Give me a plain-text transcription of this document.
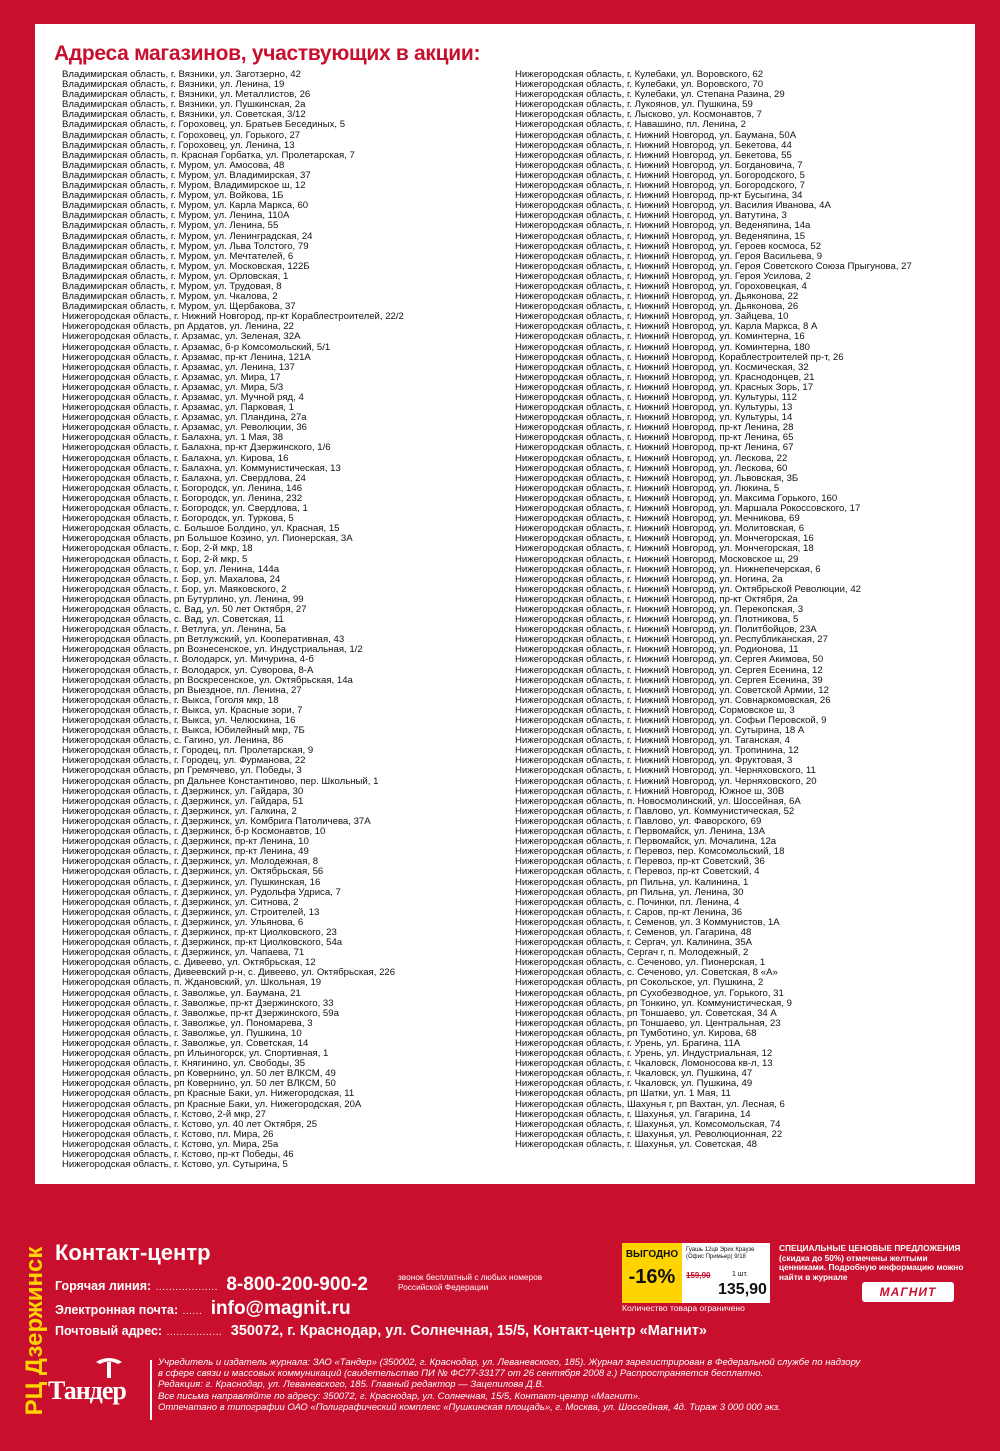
Адреса магазинов, участвующих в акции:
Владимирская область, г. Вязники, ул. Заготзерно, 42
Владимирская область, г. Вязники, ул. Ленина, 19
Владимирская область, г. Вязники, ул. Металлистов, 26
Владимирская область, г. Вязники, ул. Пушкинская, 2а
Владимирская область, г. Вязники, ул. Советская, 3/12
Владимирская область, г. Гороховец, ул. Братьев Бесединых, 5
Владимирская область, г. Гороховец, ул. Горького, 27
Владимирская область, г. Гороховец, ул. Ленина, 13
Владимирская область, п. Красная Горбатка, ул. Пролетарская, 7
Владимирская область, г. Муром, ул. Амосова, 48
Владимирская область, г. Муром, ул. Владимирская, 37
Владимирская область, г. Муром, Владимирское ш, 12
Владимирская область, г. Муром, ул. Войкова, 1Б
Владимирская область, г. Муром, ул. Карла Маркса, 60
Владимирская область, г. Муром, ул. Ленина, 110А
Владимирская область, г. Муром, ул. Ленина, 55
Владимирская область, г. Муром, ул. Ленинградская, 24
Владимирская область, г. Муром, ул. Льва Толстого, 79
Владимирская область, г. Муром, ул. Мечтателей, 6
Владимирская область, г. Муром, ул. Московская, 122Б
Владимирская область, г. Муром, ул. Орловская, 1
Владимирская область, г. Муром, ул. Трудовая, 8
Владимирская область, г. Муром, ул. Чкалова, 2
Владимирская область, г. Муром, ул. Щербакова, 37
Нижегородская область, г. Нижний Новгород, пр-кт Кораблестроителей, 22/2
Нижегородская область, рп Ардатов, ул. Ленина, 22
Нижегородская область, г. Арзамас, ул. Зеленая, 32А
Нижегородская область, г. Арзамас, б-р Комсомольский, 5/1
Нижегородская область, г. Арзамас, пр-кт Ленина, 121А
Нижегородская область, г. Арзамас, ул. Ленина, 137
Нижегородская область, г. Арзамас, ул. Мира, 17
Нижегородская область, г. Арзамас, ул. Мира, 5/3
Нижегородская область, г. Арзамас, ул. Мучной ряд, 4
Нижегородская область, г. Арзамас, ул. Парковая, 1
Нижегородская область, г. Арзамас, ул. Пландина, 27а
Нижегородская область, г. Арзамас, ул. Революции, 36
Нижегородская область, г. Балахна, ул. 1 Мая, 38
Нижегородская область, г. Балахна, пр-кт Дзержинского, 1/6
Нижегородская область, г. Балахна, ул. Кирова, 16
Нижегородская область, г. Балахна, ул. Коммунистическая, 13
Нижегородская область, г. Балахна, ул. Свердлова, 24
Нижегородская область, г. Богородск, ул. Ленина, 146
Нижегородская область, г. Богородск, ул. Ленина, 232
Нижегородская область, г. Богородск, ул. Свердлова, 1
Нижегородская область, г. Богородск, ул. Туркова, 5
Нижегородская область, с. Большое Болдино, ул. Красная, 15
Нижегородская область, рп Большое Козино, ул. Пионерская, 3А
Нижегородская область, г. Бор, 2-й мкр, 18
Нижегородская область, г. Бор, 2-й мкр, 5
Нижегородская область, г. Бор, ул. Ленина, 144а
Нижегородская область, г. Бор, ул. Махалова, 24
Нижегородская область, г. Бор, ул. Маяковского, 2
Нижегородская область, рп Бутурлино, ул. Ленина, 99
Нижегородская область, с. Вад, ул. 50 лет Октября, 27
Нижегородская область, с. Вад, ул. Советская, 11
Нижегородская область, г. Ветлуга, ул. Ленина, 5а
Нижегородская область, рп Ветлужский, ул. Кооперативная, 43
Нижегородская область, рп Вознесенское, ул. Индустриальная, 1/2
Нижегородская область, г. Володарск, ул. Мичурина, 4-б
Нижегородская область, г. Володарск, ул. Суворова, 8-А
Нижегородская область, рп Воскресенское, ул. Октябрьская, 14а
Нижегородская область, рп Выездное, пл. Ленина, 27
Нижегородская область, г. Выкса, Гоголя мкр, 18
Нижегородская область, г. Выкса, ул. Красные зори, 7
Нижегородская область, г. Выкса, ул. Челюскина, 16
Нижегородская область, г. Выкса, Юбилейный мкр, 7Б
Нижегородская область, с. Гагино, ул. Ленина, 86
Нижегородская область, г. Городец, пл. Пролетарская, 9
Нижегородская область, г. Городец, ул. Фурманова, 22
Нижегородская область, рп Гремячево, ул. Победы, 3
Нижегородская область, рп Дальнее Константиново, пер. Школьный, 1
Нижегородская область, г. Дзержинск, ул. Гайдара, 30
Нижегородская область, г. Дзержинск, ул. Гайдара, 51
Нижегородская область, г. Дзержинск, ул. Галкина, 2
Нижегородская область, г. Дзержинск, ул. Комбрига Патоличева, 37А
Нижегородская область, г. Дзержинск, б-р Космонавтов, 10
Нижегородская область, г. Дзержинск, пр-кт Ленина, 10
Нижегородская область, г. Дзержинск, пр-кт Ленина, 49
Нижегородская область, г. Дзержинск, ул. Молодежная, 8
Нижегородская область, г. Дзержинск, ул. Октябрьская, 56
Нижегородская область, г. Дзержинск, ул. Пушкинская, 16
Нижегородская область, г. Дзержинск, ул. Рудольфа Удриса, 7
Нижегородская область, г. Дзержинск, ул. Ситнова, 2
Нижегородская область, г. Дзержинск, ул. Строителей, 13
Нижегородская область, г. Дзержинск, ул. Ульянова, 6
Нижегородская область, г. Дзержинск, пр-кт Циолковского, 23
Нижегородская область, г. Дзержинск, пр-кт Циолковского, 54а
Нижегородская область, г. Дзержинск, ул. Чапаева, 71
Нижегородская область, с. Дивеево, ул. Октябрьская, 12
Нижегородская область, Дивеевский р-н, с. Дивеево, ул. Октябрьская, 226
Нижегородская область, п. Ждановский, ул. Школьная, 19
Нижегородская область, г. Заволжье, ул. Баумана, 21
Нижегородская область, г. Заволжье, пр-кт Дзержинского, 33
Нижегородская область, г. Заволжье, пр-кт Дзержинского, 59а
Нижегородская область, г. Заволжье, ул. Пономарева, 3
Нижегородская область, г. Заволжье, ул. Пушкина, 10
Нижегородская область, г. Заволжье, ул. Советская, 14
Нижегородская область, рп Ильиногорск, ул. Спортивная, 1
Нижегородская область, г. Княгинино, ул. Свободы, 35
Нижегородская область, рп Ковернино, ул. 50 лет ВЛКСМ, 49
Нижегородская область, рп Ковернино, ул. 50 лет ВЛКСМ, 50
Нижегородская область, рп Красные Баки, ул. Нижегородская, 11
Нижегородская область, рп Красные Баки, ул. Нижегородская, 20А
Нижегородская область, г. Кстово, 2-й мкр, 27
Нижегородская область, г. Кстово, ул. 40 лет Октября, 25
Нижегородская область, г. Кстово, пл. Мира, 26
Нижегородская область, г. Кстово, ул. Мира, 25а
Нижегородская область, г. Кстово, пр-кт Победы, 46
Нижегородская область, г. Кстово, ул. Сутырина, 5
Нижегородская область, г. Кулебаки, ул. Воровского, 62
Нижегородская область, г. Кулебаки, ул. Воровского, 70
Нижегородская область, г. Кулебаки, ул. Степана Разина, 29
Нижегородская область, г. Лукоянов, ул. Пушкина, 59
Нижегородская область, г. Лысково, ул. Космонавтов, 7
Нижегородская область, г. Навашино, пл. Ленина, 2
Нижегородская область, г. Нижний Новгород, ул. Баумана, 50А
Нижегородская область, г. Нижний Новгород, ул. Бекетова, 44
Нижегородская область, г. Нижний Новгород, ул. Бекетова, 55
Нижегородская область, г. Нижний Новгород, ул. Богдановича, 7
Нижегородская область, г. Нижний Новгород, ул. Богородского, 5
Нижегородская область, г. Нижний Новгород, ул. Богородского, 7
Нижегородская область, г. Нижний Новгород, пр-кт Бусыгина, 34
Нижегородская область, г. Нижний Новгород, ул. Василия Иванова, 4А
Нижегородская область, г. Нижний Новгород, ул. Ватутина, 3
Нижегородская область, г. Нижний Новгород, ул. Веденяпина, 14а
Нижегородская область, г. Нижний Новгород, ул. Веденяпина, 15
Нижегородская область, г. Нижний Новгород, ул. Героев космоса, 52
Нижегородская область, г. Нижний Новгород, ул. Героя Васильева, 9
Нижегородская область, г. Нижний Новгород, ул. Героя Советского Союза Прыгунова, 27
Нижегородская область, г. Нижний Новгород, ул. Героя Усилова, 2
Нижегородская область, г. Нижний Новгород, ул. Гороховецкая, 4
Нижегородская область, г. Нижний Новгород, ул. Дьяконова, 22
Нижегородская область, г. Нижний Новгород, ул. Дьяконова, 26
Нижегородская область, г. Нижний Новгород, ул. Зайцева, 10
Нижегородская область, г. Нижний Новгород, ул. Карла Маркса, 8 А
Нижегородская область, г. Нижний Новгород, ул. Коминтерна, 16
Нижегородская область, г. Нижний Новгород, ул. Коминтерна, 180
Нижегородская область, г. Нижний Новгород, Кораблестроителей пр-т, 26
Нижегородская область, г. Нижний Новгород, ул. Космическая, 32
Нижегородская область, г. Нижний Новгород, ул. Краснодонцев, 21
Нижегородская область, г. Нижний Новгород, ул. Красных Зорь, 17
Нижегородская область, г. Нижний Новгород, ул. Культуры, 112
Нижегородская область, г. Нижний Новгород, ул. Культуры, 13
Нижегородская область, г. Нижний Новгород, ул. Культуры, 14
Нижегородская область, г. Нижний Новгород, пр-кт Ленина, 28
Нижегородская область, г. Нижний Новгород, пр-кт Ленина, 65
Нижегородская область, г. Нижний Новгород, пр-кт Ленина, 67
Нижегородская область, г. Нижний Новгород, ул. Лескова, 22
Нижегородская область, г. Нижний Новгород, ул. Лескова, 60
Нижегородская область, г. Нижний Новгород, ул. Львовская, 3Б
Нижегородская область, г. Нижний Новгород, ул. Люкина, 5
Нижегородская область, г. Нижний Новгород, ул. Максима Горького, 160
Нижегородская область, г. Нижний Новгород, ул. Маршала Рокоссовского, 17
Нижегородская область, г. Нижний Новгород, ул. Мечникова, 69
Нижегородская область, г. Нижний Новгород, ул. Молитовская, 6
Нижегородская область, г. Нижний Новгород, ул. Мончегорская, 16
Нижегородская область, г. Нижний Новгород, ул. Мончегорская, 18
Нижегородская область, г. Нижний Новгород, Московское ш, 29
Нижегородская область, г. Нижний Новгород, ул. Нижнепечерская, 6
Нижегородская область, г. Нижний Новгород, ул. Ногина, 2а
Нижегородская область, г. Нижний Новгород, ул. Октябрьской Революции, 42
Нижегородская область, г. Нижний Новгород, пр-кт Октября, 2а
Нижегородская область, г. Нижний Новгород, ул. Перекопская, 3
Нижегородская область, г. Нижний Новгород, ул. Плотникова, 5
Нижегородская область, г. Нижний Новгород, ул. Политбойцов, 23А
Нижегородская область, г. Нижний Новгород, ул. Республиканская, 27
Нижегородская область, г. Нижний Новгород, ул. Родионова, 11
Нижегородская область, г. Нижний Новгород, ул. Сергея Акимова, 50
Нижегородская область, г. Нижний Новгород, ул. Сергея Есенина, 12
Нижегородская область, г. Нижний Новгород, ул. Сергея Есенина, 39
Нижегородская область, г. Нижний Новгород, ул. Советской Армии, 12
Нижегородская область, г. Нижний Новгород, ул. Совнаркомовская, 26
Нижегородская область, г. Нижний Новгород, Сормовское ш, 3
Нижегородская область, г. Нижний Новгород, ул. Софьи Перовской, 9
Нижегородская область, г. Нижний Новгород, ул. Сутырина, 18 А
Нижегородская область, г. Нижний Новгород, ул. Таганская, 4
Нижегородская область, г. Нижний Новгород, ул. Тропинина, 12
Нижегородская область, г. Нижний Новгород, ул. Фруктовая, 3
Нижегородская область, г. Нижний Новгород, ул. Черняховского, 11
Нижегородская область, г. Нижний Новгород, ул. Черняховского, 20
Нижегородская область, г. Нижний Новгород, Южное ш, 30В
Нижегородская область, п. Новосмолинский, ул. Шоссейная, 6А
Нижегородская область, г. Павлово, ул. Коммунистическая, 52
Нижегородская область, г. Павлово, ул. Фаворского, 69
Нижегородская область, г. Первомайск, ул. Ленина, 13А
Нижегородская область, г. Первомайск, ул. Мочалина, 12а
Нижегородская область, г. Перевоз, пер. Комсомольский, 18
Нижегородская область, г. Перевоз, пр-кт Советский, 36
Нижегородская область, г. Перевоз, пр-кт Советский, 4
Нижегородская область, рп Пильна, ул. Калинина, 1
Нижегородская область, рп Пильна, ул. Ленина, 30
Нижегородская область, с. Починки, пл. Ленина, 4
Нижегородская область, г. Саров, пр-кт Ленина, 36
Нижегородская область, г. Семенов, ул. 3 Коммунистов, 1А
Нижегородская область, г. Семенов, ул. Гагарина, 48
Нижегородская область, г. Сергач, ул. Калинина, 35А
Нижегородская область, Сергач г, п. Молодежный, 2
Нижегородская область, с. Сеченово, ул. Пионерская, 1
Нижегородская область, с. Сеченово, ул. Советская, 8 «А»
Нижегородская область, рп Сокольское, ул. Пушкина, 2
Нижегородская область, рп Сухобезводное, ул. Горького, 31
Нижегородская область, рп Тонкино, ул. Коммунистическая, 9
Нижегородская область, рп Тоншаево, ул. Советская, 34 А
Нижегородская область, рп Тоншаево, ул. Центральная, 23
Нижегородская область, рп Тумботино, ул. Кирова, 68
Нижегородская область, г. Урень, ул. Брагина, 11А
Нижегородская область, г. Урень, ул. Индустриальная, 12
Нижегородская область, г. Чкаловск, Ломоносова кв-л, 13
Нижегородская область, г. Чкаловск, ул. Пушкина, 47
Нижегородская область, г. Чкаловск, ул. Пушкина, 49
Нижегородская область, рп Шатки, ул. 1 Мая, 11
Нижегородская область, Шахунья г, рп Вахтан, ул. Лесная, 6
Нижегородская область, г. Шахунья, ул. Гагарина, 14
Нижегородская область, г. Шахунья, ул. Комсомольская, 74
Нижегородская область, г. Шахунья, ул. Революционная, 22
Нижегородская область, г. Шахунья, ул. Советская, 48
РЦ Дзержинск Контакт-центр
Горячая линия: ................... 8-800-200-900-2	звонок бесплатный с любых номеров Российской Федерации
Электронная почта: ...... info@magnit.ru
Почтовый адрес: ................. 350072, г. Краснодар, ул. Солнечная, 15/5, Контакт-центр «Магнит»
ВЫГОДНО
-16%
Гуашь 12цв Эрих Краузе (Офис Примьер) 9/18
159,90	1 шт.
135,90
Количество товара ограничено
СПЕЦИАЛЬНЫЕ ЦЕНОВЫЕ ПРЕДЛОЖЕНИЯ (скидка до 50%) отмечены желтыми ценниками. Подробную информацию можно найти в журнале
МАГНИТ
Тандер
Учредитель и издатель журнала: ЗАО «Тандер» (350002, г. Краснодар, ул. Леваневского, 185). Журнал зарегистрирован в Федеральной службе по надзору
в сфере связи и массовых коммуникаций (свидетельство ПИ № ФС77-33177 от 26 сентября 2008 г.) Распространяется бесплатно.
Редакция: г. Краснодар, ул. Леваневского, 185. Главный редактор — Зацепилова Д.В.
Все письма направляйте по адресу: 350072, г. Краснодар, ул. Солнечная, 15/5, Контакт-центр «Магнит».
Отпечатано в типографии ОАО «Полиграфический комплекс «Пушкинская площадь», г. Москва, ул. Шоссейная, 4д. Тираж 3 000 000 экз.
